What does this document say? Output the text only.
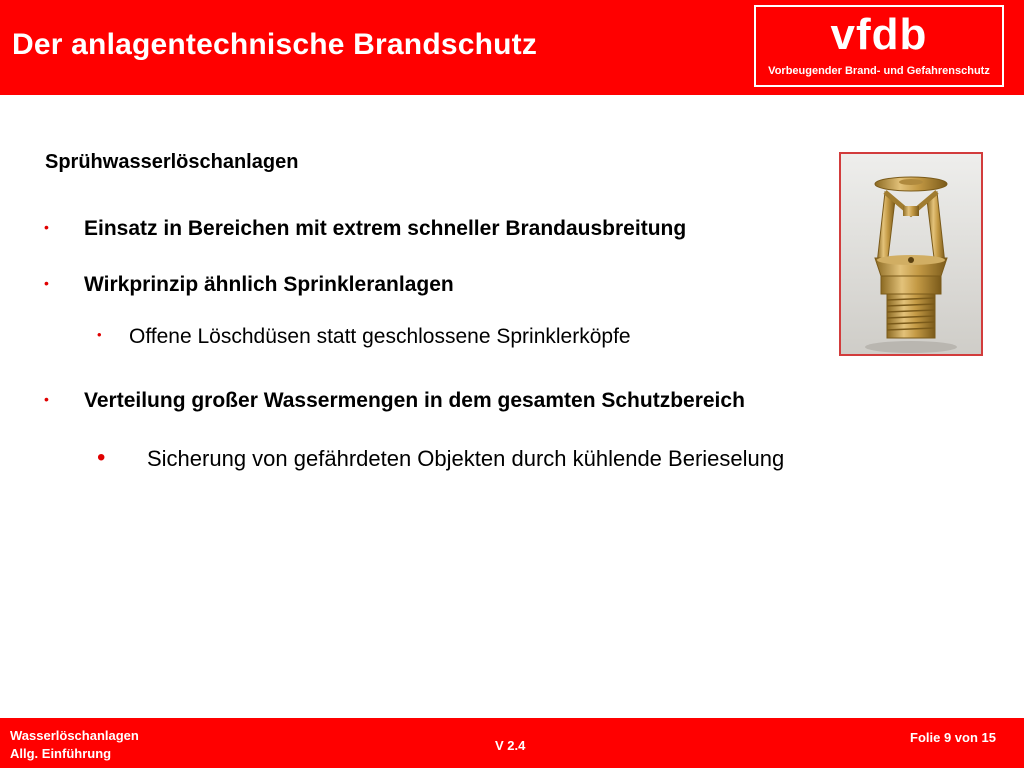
Der anlagentechnische Brandschutz	vfdb
Vorbeugender Brand- und Gefahrenschutz
Sprühwasserlöschanlagen
• Einsatz in Bereichen mit extrem schneller Brandausbreitung
• Wirkprinzip ähnlich Sprinkleranlagen
• Offene Löschdüsen statt geschlossene Sprinklerköpfe
• Verteilung großer Wassermengen in dem gesamten Schutzbereich
• Sicherung von gefährdeten Objekten durch kühlende Berieselung
Wasserlöschanlagen
Allg. Einführung
V 2.4
Folie 9 von 15
